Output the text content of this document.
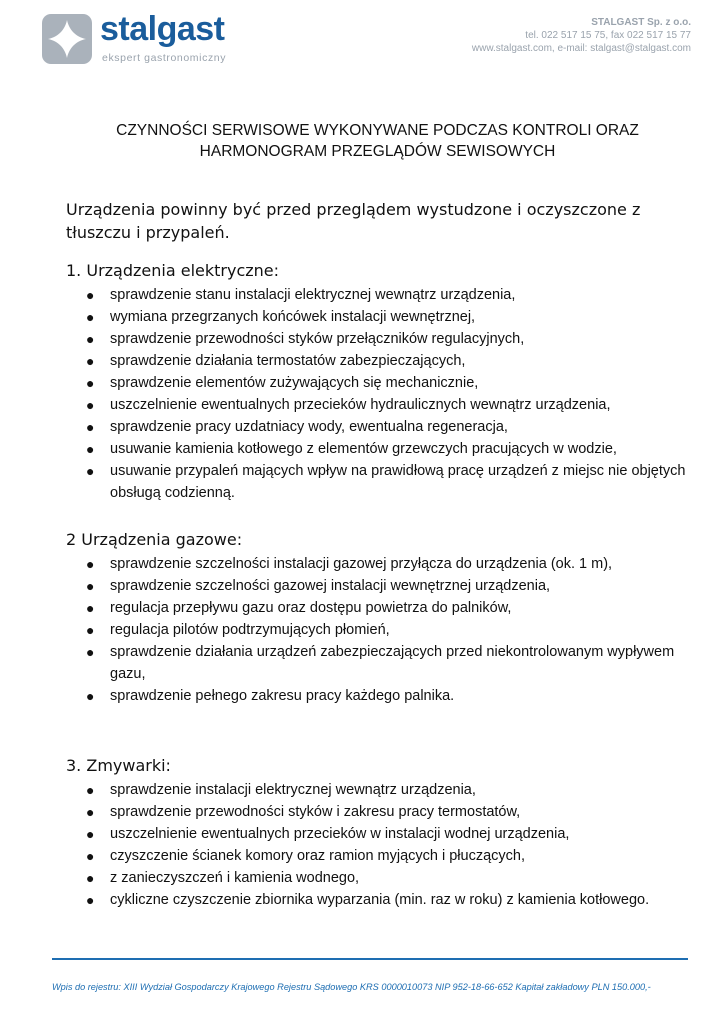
stalgast
ekspert gastronomiczny
STALGAST Sp. z o.o.
tel. 022 517 15 75, fax 022 517 15 77
www.stalgast.com, e-mail: stalgast@stalgast.com
CZYNNOŚCI SERWISOWE WYKONYWANE PODCZAS KONTROLI ORAZ
HARMONOGRAM PRZEGLĄDÓW SEWISOWYCH
Urządzenia powinny być przed przeglądem wystudzone i oczyszczone z tłuszczu i przypaleń.
1. Urządzenia elektryczne:
● sprawdzenie stanu instalacji elektrycznej wewnątrz urządzenia,
● wymiana przegrzanych końcówek instalacji wewnętrznej,
● sprawdzenie przewodności styków przełączników regulacyjnych,
● sprawdzenie działania termostatów zabezpieczających,
● sprawdzenie elementów zużywających się mechanicznie,
● uszczelnienie ewentualnych przecieków hydraulicznych wewnątrz urządzenia,
● sprawdzenie pracy uzdatniacy wody, ewentualna regeneracja,
● usuwanie kamienia kotłowego z elementów grzewczych pracujących w wodzie,
● usuwanie przypaleń mających wpływ na prawidłową pracę urządzeń z miejsc nie objętych obsługą codzienną.
2 Urządzenia gazowe:
● sprawdzenie szczelności instalacji gazowej przyłącza do urządzenia (ok. 1 m),
● sprawdzenie szczelności gazowej instalacji wewnętrznej urządzenia,
● regulacja przepływu gazu oraz dostępu powietrza do palników,
● regulacja pilotów podtrzymujących płomień,
● sprawdzenie działania urządzeń zabezpieczających przed niekontrolowanym wypływem gazu,
● sprawdzenie pełnego zakresu pracy każdego palnika.
3. Zmywarki:
● sprawdzenie instalacji elektrycznej wewnątrz urządzenia,
● sprawdzenie przewodności styków i zakresu pracy termostatów,
● uszczelnienie ewentualnych przecieków w instalacji wodnej urządzenia,
● czyszczenie ścianek komory oraz ramion myjących i płuczących,
● z zanieczyszczeń i kamienia wodnego,
● cykliczne czyszczenie zbiornika wyparzania (min. raz w roku) z kamienia kotłowego.
Wpis do rejestru: XIII Wydział Gospodarczy Krajowego Rejestru Sądowego KRS 0000010073 NIP 952-18-66-652 Kapitał zakładowy PLN 150.000,-
